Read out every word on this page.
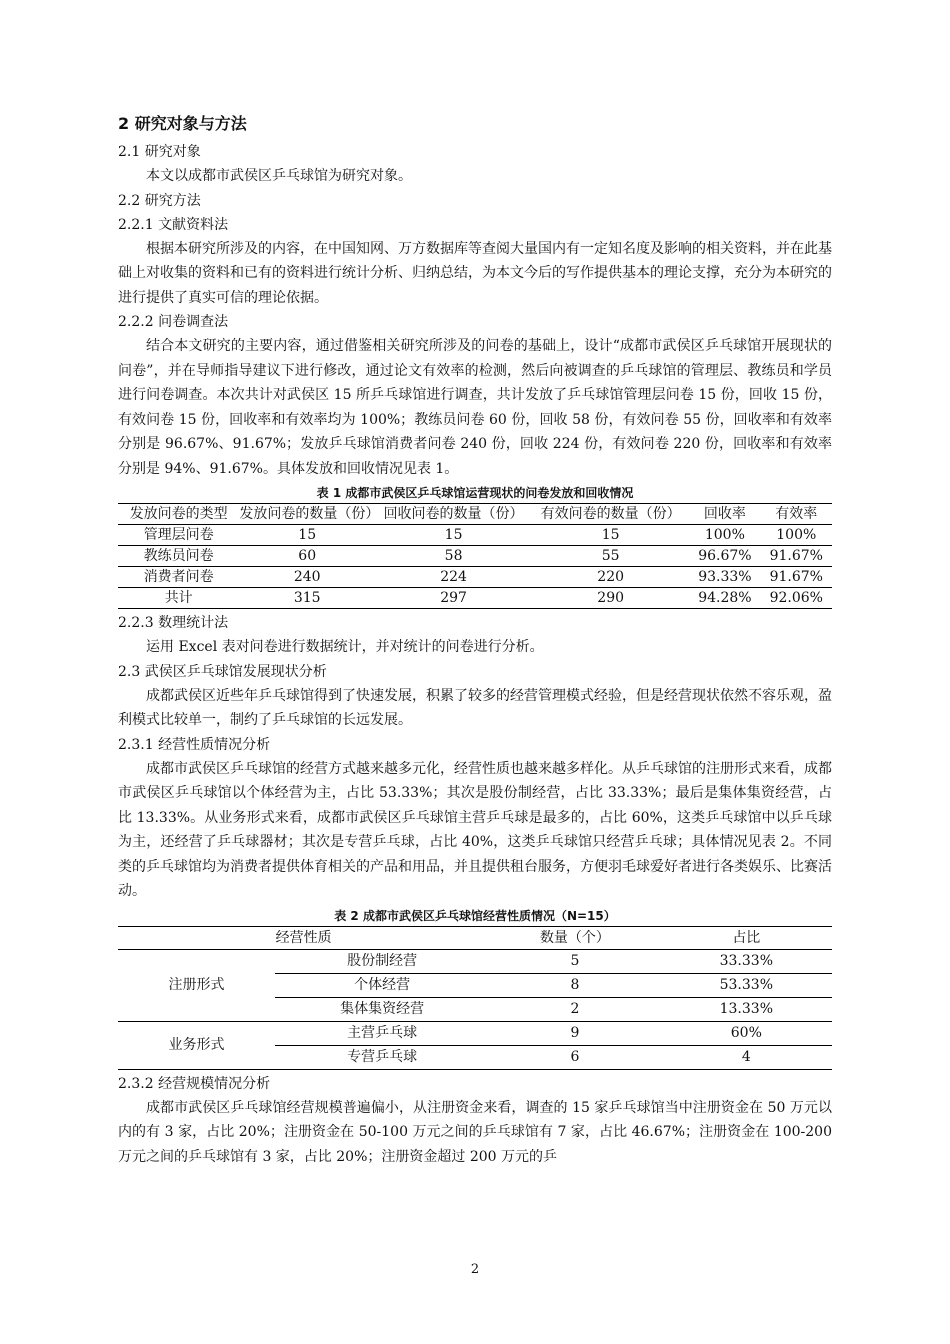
2 研究对象与方法
2.1 研究对象

本文以成都市武侯区乒乓球馆为研究对象。

2.2 研究方法
2.2.1 文献资料法

根据本研究所涉及的内容，在中国知网、万方数据库等查阅大量国内有一定知名度及影响的相关资料，并在此基础上对收集的资料和已有的资料进行统计分析、归纳总结，为本文今后的写作提供基本的理论支撑，充分为本研究的进行提供了真实可信的理论依据。

2.2.2 问卷调查法

结合本文研究的主要内容，通过借鉴相关研究所涉及的问卷的基础上，设计“成都市武侯区乒乓球馆开展现状的问卷”，并在导师指导建议下进行修改，通过论文有效率的检测，然后向被调查的乒乓球馆的管理层、教练员和学员进行问卷调查。本次共计对武侯区 15 所乒乓球馆进行调查，共计发放了乒乓球馆管理层问卷 15 份，回收 15 份，有效问卷 15 份，回收率和有效率均为 100%；教练员问卷 60 份，回收 58 份，有效问卷 55 份，回收率和有效率分别是 96.67%、91.67%；发放乒乓球馆消费者问卷 240 份，回收 224 份，有效问卷 220 份，回收率和有效率分别是 94%、91.67%。具体发放和回收情况见表 1。

表 1 成都市武侯区乒乓球馆运营现状的问卷发放和回收情况
发放问卷的类型	发放问卷的数量（份）	回收问卷的数量（份）	有效问卷的数量（份）	回收率	有效率
管理层问卷	15	15	15	100%	100%
教练员问卷	60	58	55	96.67%	91.67%
消费者问卷	240	224	220	93.33%	91.67%
共计	315	297	290	94.28%	92.06%
2.2.3 数理统计法

运用 Excel 表对问卷进行数据统计，并对统计的问卷进行分析。

2.3 武侯区乒乓球馆发展现状分析

成都武侯区近些年乒乓球馆得到了快速发展，积累了较多的经营管理模式经验，但是经营现状依然不容乐观，盈利模式比较单一，制约了乒乓球馆的长远发展。

2.3.1 经营性质情况分析

成都市武侯区乒乓球馆的经营方式越来越多元化，经营性质也越来越多样化。从乒乓球馆的注册形式来看，成都市武侯区乒乓球馆以个体经营为主，占比 53.33%；其次是股份制经营，占比 33.33%；最后是集体集资经营，占比 13.33%。从业务形式来看，成都市武侯区乒乓球馆主营乒乓球是最多的，占比 60%，这类乒乓球馆中以乒乓球为主，还经营了乒乓球器材；其次是专营乒乓球，占比 40%，这类乒乓球馆只经营乒乓球；具体情况见表 2。不同类的乒乓球馆均为消费者提供体育相关的产品和用品，并且提供租台服务，方便羽毛球爱好者进行各类娱乐、比赛活动。

表 2 成都市武侯区乒乓球馆经营性质情况（N=15）
经营性质		数量（个）	占比
注册形式	股份制经营	5	33.33%
	个体经营	8	53.33%
	集体集资经营	2	13.33%
业务形式	主营乒乓球	9	60%
	专营乒乓球	6	4
2.3.2 经营规模情况分析

成都市武侯区乒乓球馆经营规模普遍偏小，从注册资金来看，调查的 15 家乒乓球馆当中注册资金在 50 万元以内的有 3 家，占比 20%；注册资金在 50-100 万元之间的乒乓球馆有 7 家，占比 46.67%；注册资金在 100-200 万元之间的乒乓球馆有 3 家，占比 20%；注册资金超过 200 万元的乒

2
